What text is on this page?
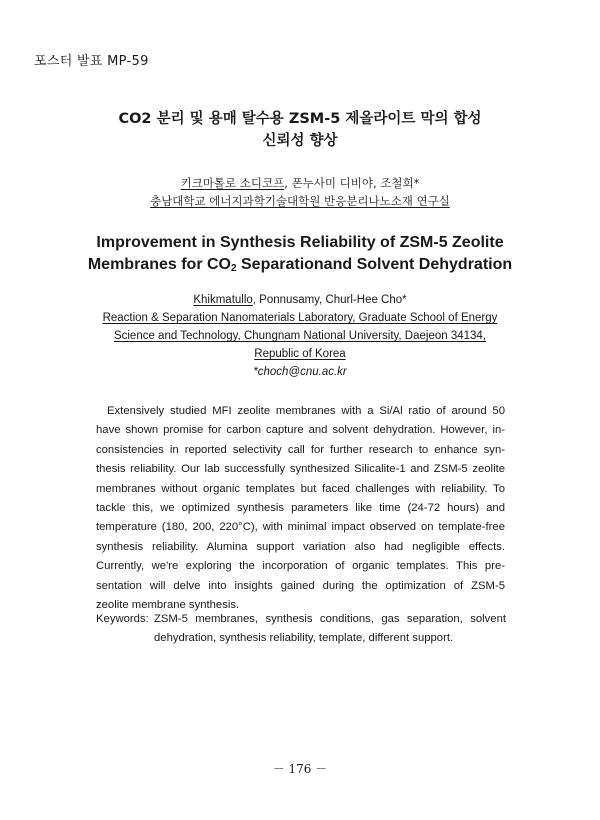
포스터 발표 MP-59
CO2 분리 및 용매 탈수용 ZSM-5 제올라이트 막의 합성
신뢰성 향상
키크마톨로 소디코프, 폰누사미 디비야, 조철희*
충남대학교 에너지과학기술대학원 반응분리나노소재 연구실
Improvement in Synthesis Reliability of ZSM-5 Zeolite
Membranes for $CO_2$ Separationand Solvent Dehydration
Khikmatullo, Ponnusamy, Churl-Hee Cho*
Reaction & Separation Nanomaterials Laboratory, Graduate School of Energy
Science and Technology, Chungnam National University, Daejeon 34134,
Republic of Korea
*choch@cnu.ac.kr
Extensively studied MFI zeolite membranes with a Si/Al ratio of around 50
have shown promise for carbon capture and solvent dehydration. However, in-
consistencies in reported selectivity call for further research to enhance syn-
thesis reliability. Our lab successfully synthesized Silicalite-1 and ZSM-5 zeolite
membranes without organic templates but faced challenges with reliability. To
tackle this, we optimized synthesis parameters like time (24-72 hours) and
temperature (180, 200, 220°C), with minimal impact observed on template-free
synthesis reliability. Alumina support variation also had negligible effects.
Currently, we're exploring the incorporation of organic templates. This pre-
sentation will delve into insights gained during the optimization of ZSM-5
zeolite membrane synthesis.
Keywords: ZSM-5 membranes, synthesis conditions, gas separation, solvent
dehydration, synthesis reliability, template, different support.
－ 176 －
